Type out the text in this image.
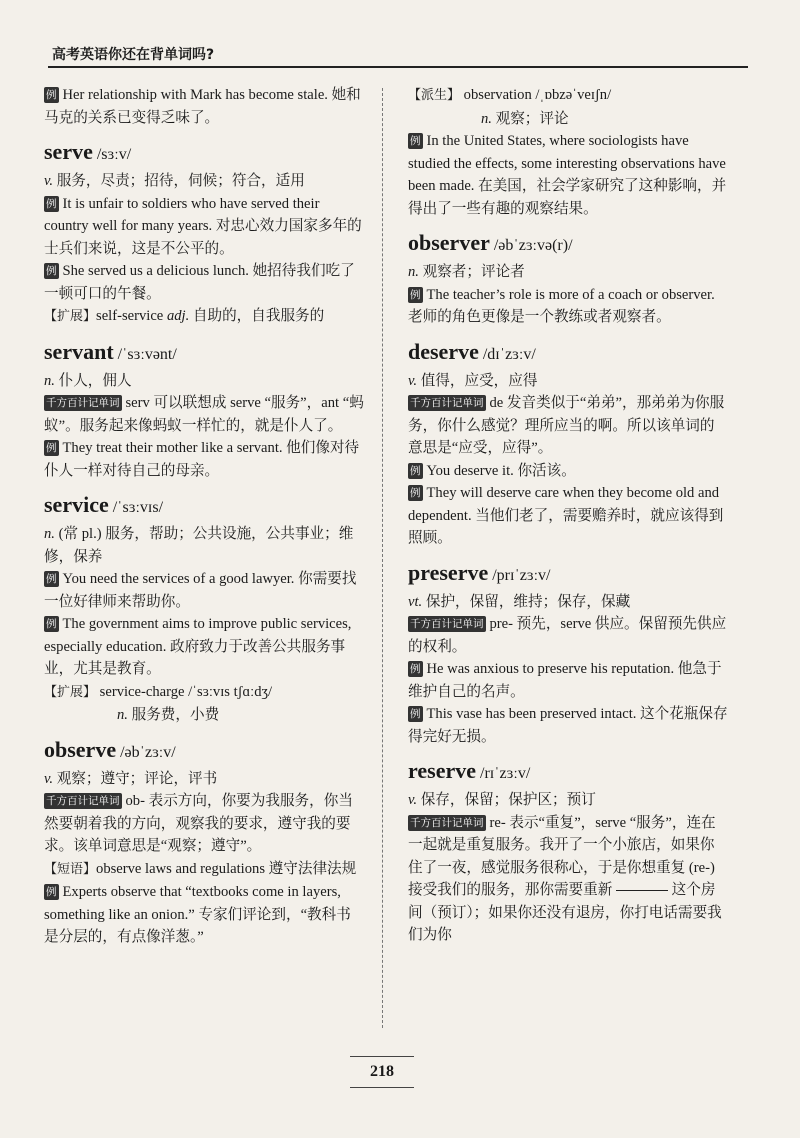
高考英语你还在背单词吗?

例 Her relationship with Mark has become stale. 她和马克的关系已变得乏味了。

serve /sɜːv/

v. 服务，尽责；招待，伺候；符合，适用

例 It is unfair to soldiers who have served their country well for many years. 对忠心效力国家多年的士兵们来说，这是不公平的。

例 She served us a delicious lunch. 她招待我们吃了一顿可口的午餐。

【扩展】self-service adj. 自助的，自我服务的

servant /ˈsɜːvənt/

n. 仆人，佣人

千方百计记单词 serv 可以联想成 serve “服务”，ant “蚂蚁”。服务起来像蚂蚁一样忙的，就是仆人了。

例 They treat their mother like a servant. 他们像对待仆人一样对待自己的母亲。

service /ˈsɜːvɪs/

n. (常 pl.) 服务，帮助；公共设施，公共事业；维修，保养

例 You need the services of a good lawyer. 你需要找一位好律师来帮助你。

例 The government aims to improve public services, especially education. 政府致力于改善公共服务事业，尤其是教育。

【扩展】 service-charge /ˈsɜːvɪs tʃɑːdʒ/

n. 服务费，小费

observe /əbˈzɜːv/

v. 观察；遵守；评论，评书

千方百计记单词 ob- 表示方向，你要为我服务，你当然要朝着我的方向，观察我的要求，遵守我的要求。该单词意思是“观察；遵守”。

【短语】observe laws and regulations 遵守法律法规

例 Experts observe that “textbooks come in layers, something like an onion.” 专家们评论到，“教科书是分层的，有点像洋葱。”

【派生】 observation /ˌɒbzəˈveɪʃn/

n. 观察；评论

例 In the United States, where sociologists have studied the effects, some interesting observations have been made. 在美国，社会学家研究了这种影响，并得出了一些有趣的观察结果。

observer /əbˈzɜːvə(r)/

n. 观察者；评论者

例 The teacher’s role is more of a coach or observer. 老师的角色更像是一个教练或者观察者。

deserve /dɪˈzɜːv/

v. 值得，应受，应得

千方百计记单词 de 发音类似于“弟弟”，那弟弟为你服务，你什么感觉？理所应当的啊。所以该单词的意思是“应受，应得”。

例 You deserve it. 你活该。

例 They will deserve care when they become old and dependent. 当他们老了，需要赡养时，就应该得到照顾。

preserve /prɪˈzɜːv/

vt. 保护，保留，维持；保存，保藏

千方百计记单词 pre- 预先，serve 供应。保留预先供应的权利。

例 He was anxious to preserve his reputation. 他急于维护自己的名声。

例 This vase has been preserved intact. 这个花瓶保存得完好无损。

reserve /rɪˈzɜːv/

v. 保存，保留；保护区；预订

千方百计记单词 re- 表示“重复”，serve “服务”，连在一起就是重复服务。我开了一个小旅店，如果你住了一夜，感觉服务很称心，于是你想重复 (re-) 接受我们的服务，那你需要重新	这个房间（预订）；如果你还没有退房，你打电话需要我们为你

218
